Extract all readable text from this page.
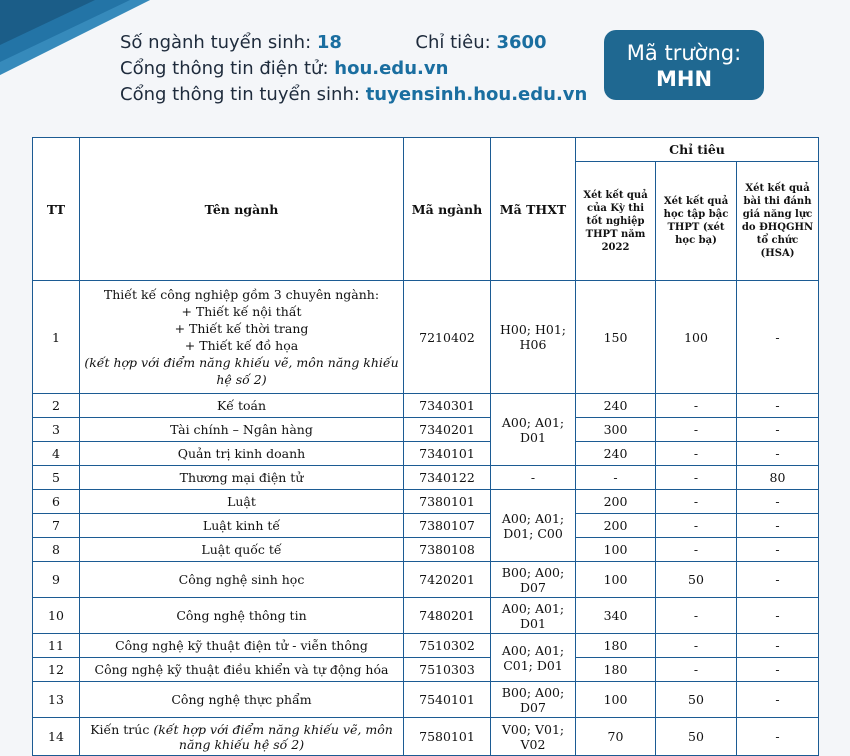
Số ngành tuyển sinh: 18	Chỉ tiêu: 3600
Cổng thông tin điện tử: hou.edu.vn
Cổng thông tin tuyển sinh: tuyensinh.hou.edu.vn
Mã trường:
MHN
TT	Tên ngành	Mã ngành	Mã THXT	Chỉ tiêu		
				Xét kết quả của Kỳ thi tốt nghiệp THPT năm 2022	Xét kết quả học tập bậc THPT (xét học bạ)	Xét kết quả bài thi đánh giá năng lực do ĐHQGHN tổ chức (HSA)
1	Thiết kế công nghiệp gồm 3 chuyên ngành:
+ Thiết kế nội thất
+ Thiết kế thời trang
+ Thiết kế đồ họa
(kết hợp với điểm năng khiếu vẽ, môn năng khiếu hệ số 2)	7210402	H00; H01; H06	150	100	-
2	Kế toán	7340301	A00; A01; D01	240	-	-
3	Tài chính – Ngân hàng	7340201		300	-	-
4	Quản trị kinh doanh	7340101		240	-	-
5	Thương mại điện tử	7340122	-	-	-	80
6	Luật	7380101	A00; A01; D01; C00	200	-	-
7	Luật kinh tế	7380107		200	-	-
8	Luật quốc tế	7380108		100	-	-
9	Công nghệ sinh học	7420201	B00; A00; D07	100	50	-
10	Công nghệ thông tin	7480201	A00; A01; D01	340	-	-
11	Công nghệ kỹ thuật điện tử - viễn thông	7510302	A00; A01; C01; D01	180	-	-
12	Công nghệ kỹ thuật điều khiển và tự động hóa	7510303		180	-	-
13	Công nghệ thực phẩm	7540101	B00; A00; D07	100	50	-
14	Kiến trúc (kết hợp với điểm năng khiếu vẽ, môn năng khiếu hệ số 2)	7580101	V00; V01; V02	70	50	-
